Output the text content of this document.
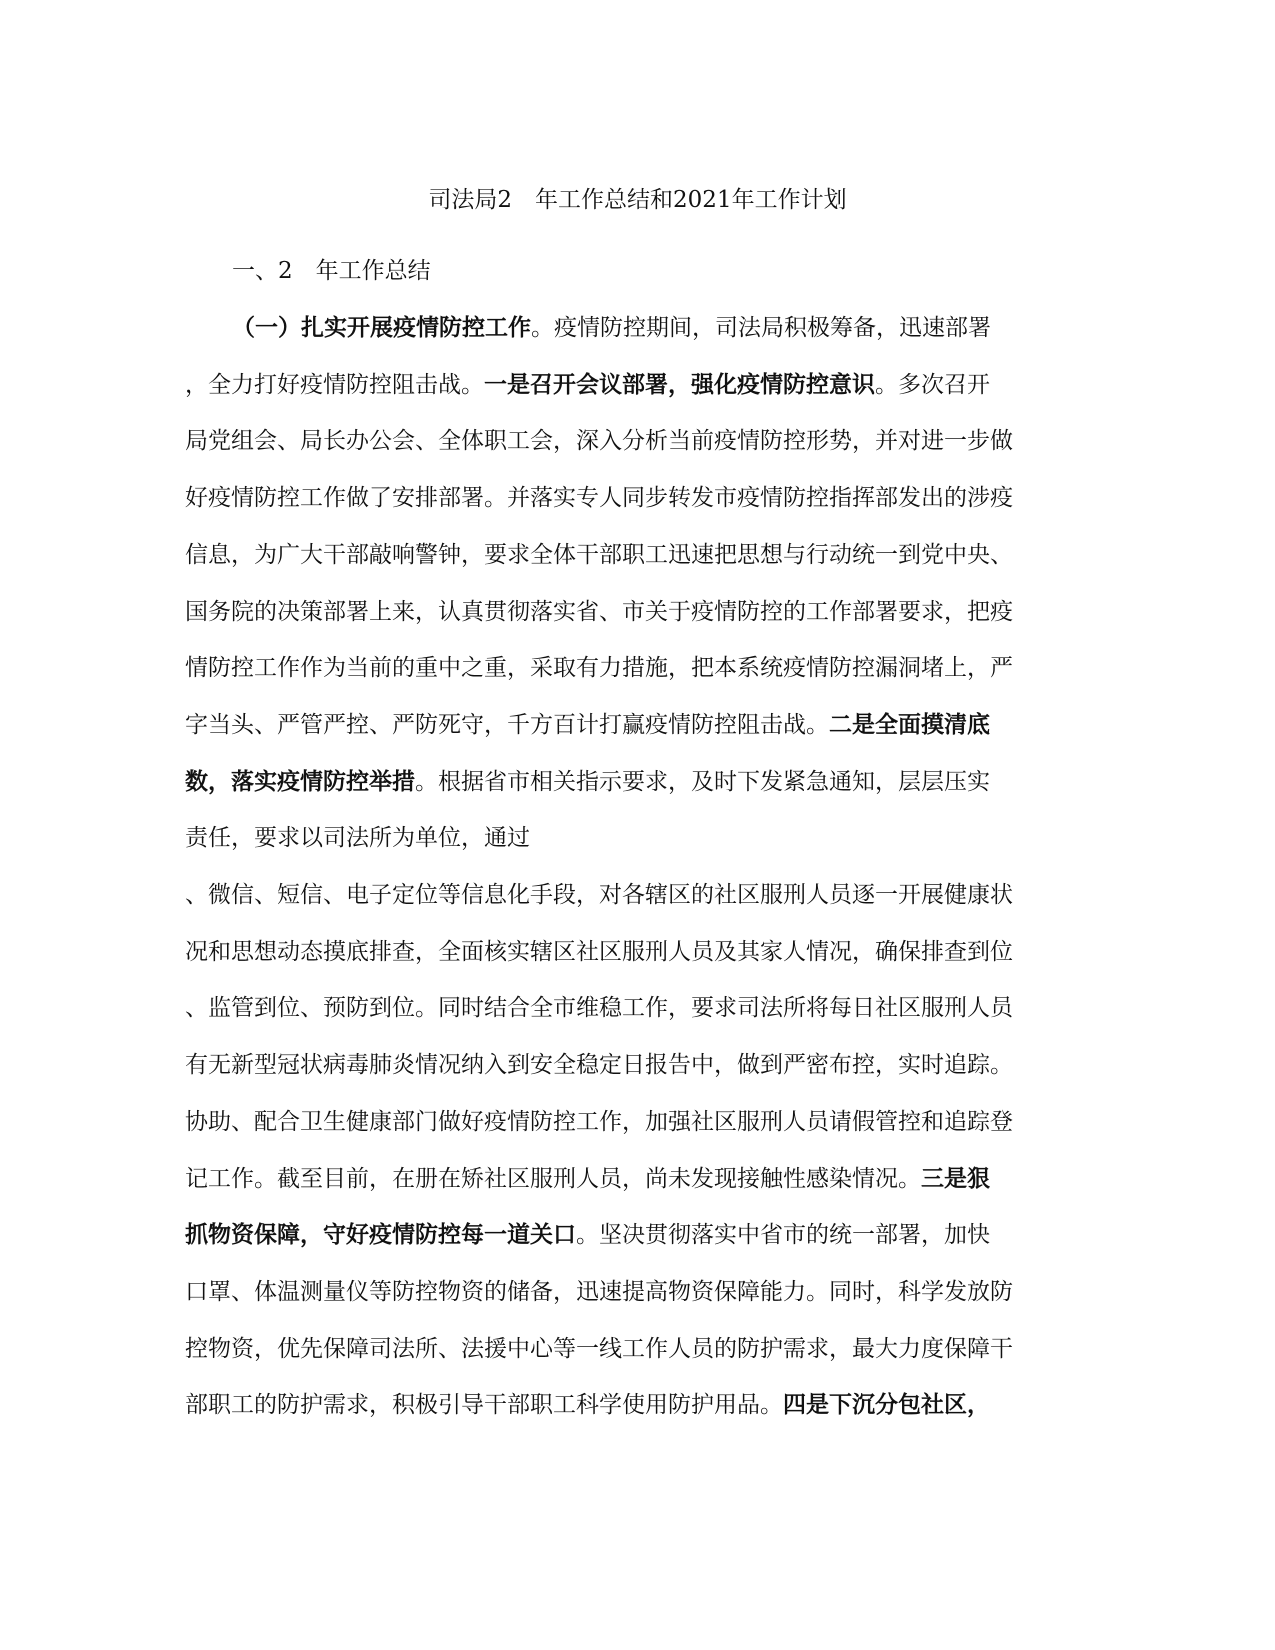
司法局2　年工作总结和2021年工作计划
一、2　年工作总结
（一）扎实开展疫情防控工作。疫情防控期间，司法局积极筹备，迅速部署
，全力打好疫情防控阻击战。一是召开会议部署，强化疫情防控意识。多次召开
局党组会、局长办公会、全体职工会，深入分析当前疫情防控形势，并对进一步做
好疫情防控工作做了安排部署。并落实专人同步转发市疫情防控指挥部发出的涉疫
信息，为广大干部敲响警钟，要求全体干部职工迅速把思想与行动统一到党中央、
国务院的决策部署上来，认真贯彻落实省、市关于疫情防控的工作部署要求，把疫
情防控工作作为当前的重中之重，采取有力措施，把本系统疫情防控漏洞堵上，严
字当头、严管严控、严防死守，千方百计打赢疫情防控阻击战。二是全面摸清底
数，落实疫情防控举措。根据省市相关指示要求，及时下发紧急通知，层层压实
责任，要求以司法所为单位，通过
、微信、短信、电子定位等信息化手段，对各辖区的社区服刑人员逐一开展健康状
况和思想动态摸底排查，全面核实辖区社区服刑人员及其家人情况，确保排查到位
、监管到位、预防到位。同时结合全市维稳工作，要求司法所将每日社区服刑人员
有无新型冠状病毒肺炎情况纳入到安全稳定日报告中，做到严密布控，实时追踪。
协助、配合卫生健康部门做好疫情防控工作，加强社区服刑人员请假管控和追踪登
记工作。截至目前，在册在矫社区服刑人员，尚未发现接触性感染情况。三是狠
抓物资保障，守好疫情防控每一道关口。坚决贯彻落实中省市的统一部署，加快
口罩、体温测量仪等防控物资的储备，迅速提高物资保障能力。同时，科学发放防
控物资，优先保障司法所、法援中心等一线工作人员的防护需求，最大力度保障干
部职工的防护需求，积极引导干部职工科学使用防护用品。四是下沉分包社区，
